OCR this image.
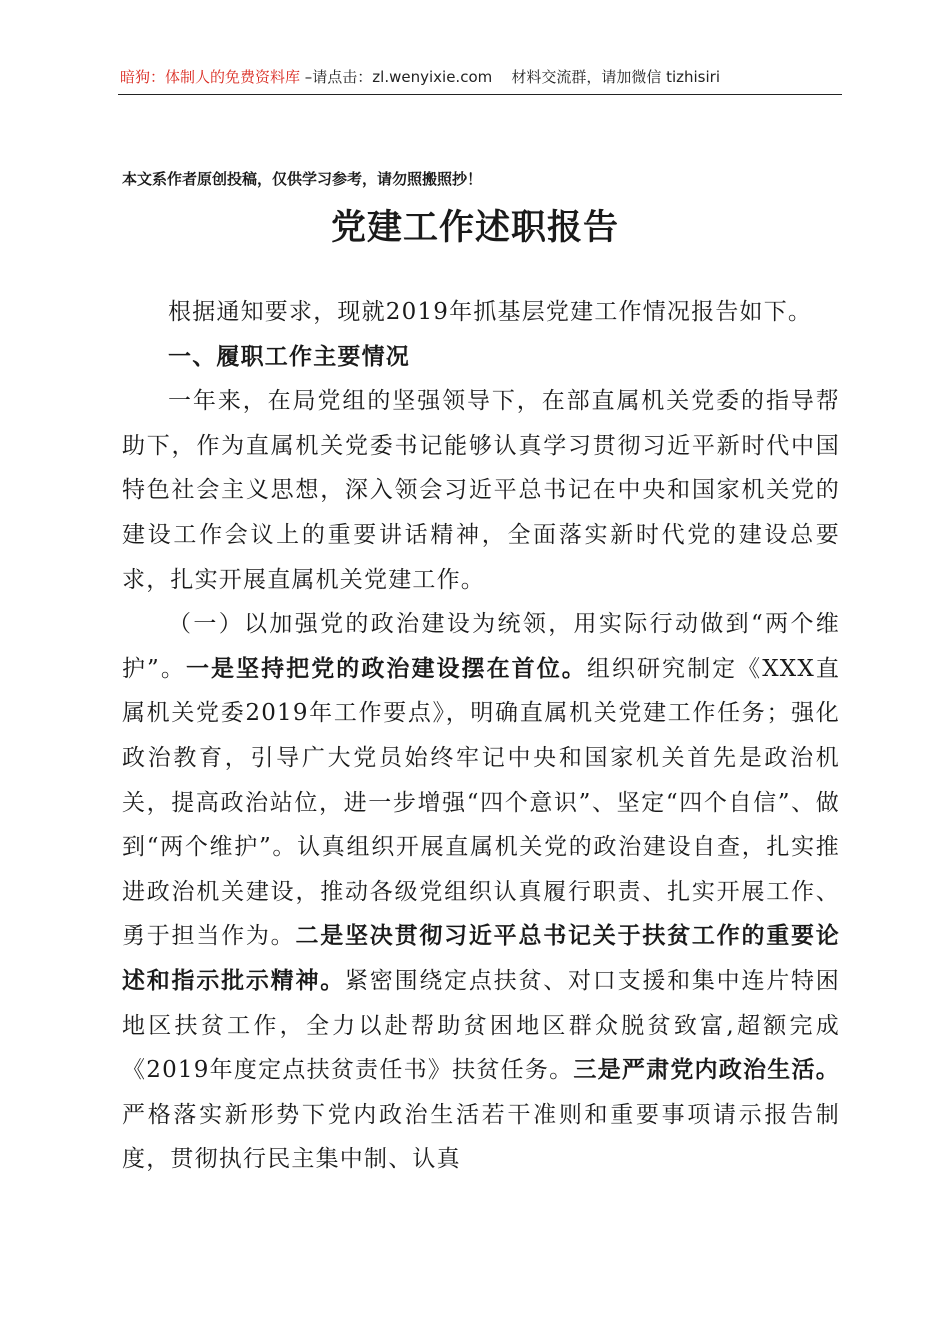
暗狗：体制人的免费资料库 –请点击：zl.wenyixie.com 材料交流群，请加微信 tizhisiri
本文系作者原创投稿，仅供学习参考，请勿照搬照抄！
党建工作述职报告

根据通知要求，现就2019年抓基层党建工作情况报告如下。

一、履职工作主要情况

一年来，在局党组的坚强领导下，在部直属机关党委的指导帮助下，作为直属机关党委书记能够认真学习贯彻习近平新时代中国特色社会主义思想，深入领会习近平总书记在中央和国家机关党的建设工作会议上的重要讲话精神，全面落实新时代党的建设总要求，扎实开展直属机关党建工作。

（一）以加强党的政治建设为统领，用实际行动做到“两个维护”。一是坚持把党的政治建设摆在首位。组织研究制定《XXX直属机关党委2019年工作要点》，明确直属机关党建工作任务；强化政治教育，引导广大党员始终牢记中央和国家机关首先是政治机关，提高政治站位，进一步增强“四个意识”、坚定“四个自信”、做到“两个维护”。认真组织开展直属机关党的政治建设自查，扎实推进政治机关建设，推动各级党组织认真履行职责、扎实开展工作、勇于担当作为。二是坚决贯彻习近平总书记关于扶贫工作的重要论述和指示批示精神。紧密围绕定点扶贫、对口支援和集中连片特困地区扶贫工作，全力以赴帮助贫困地区群众脱贫致富,超额完成《2019年度定点扶贫责任书》扶贫任务。三是严肃党内政治生活。严格落实新形势下党内政治生活若干准则和重要事项请示报告制度，贯彻执行民主集中制、认真
